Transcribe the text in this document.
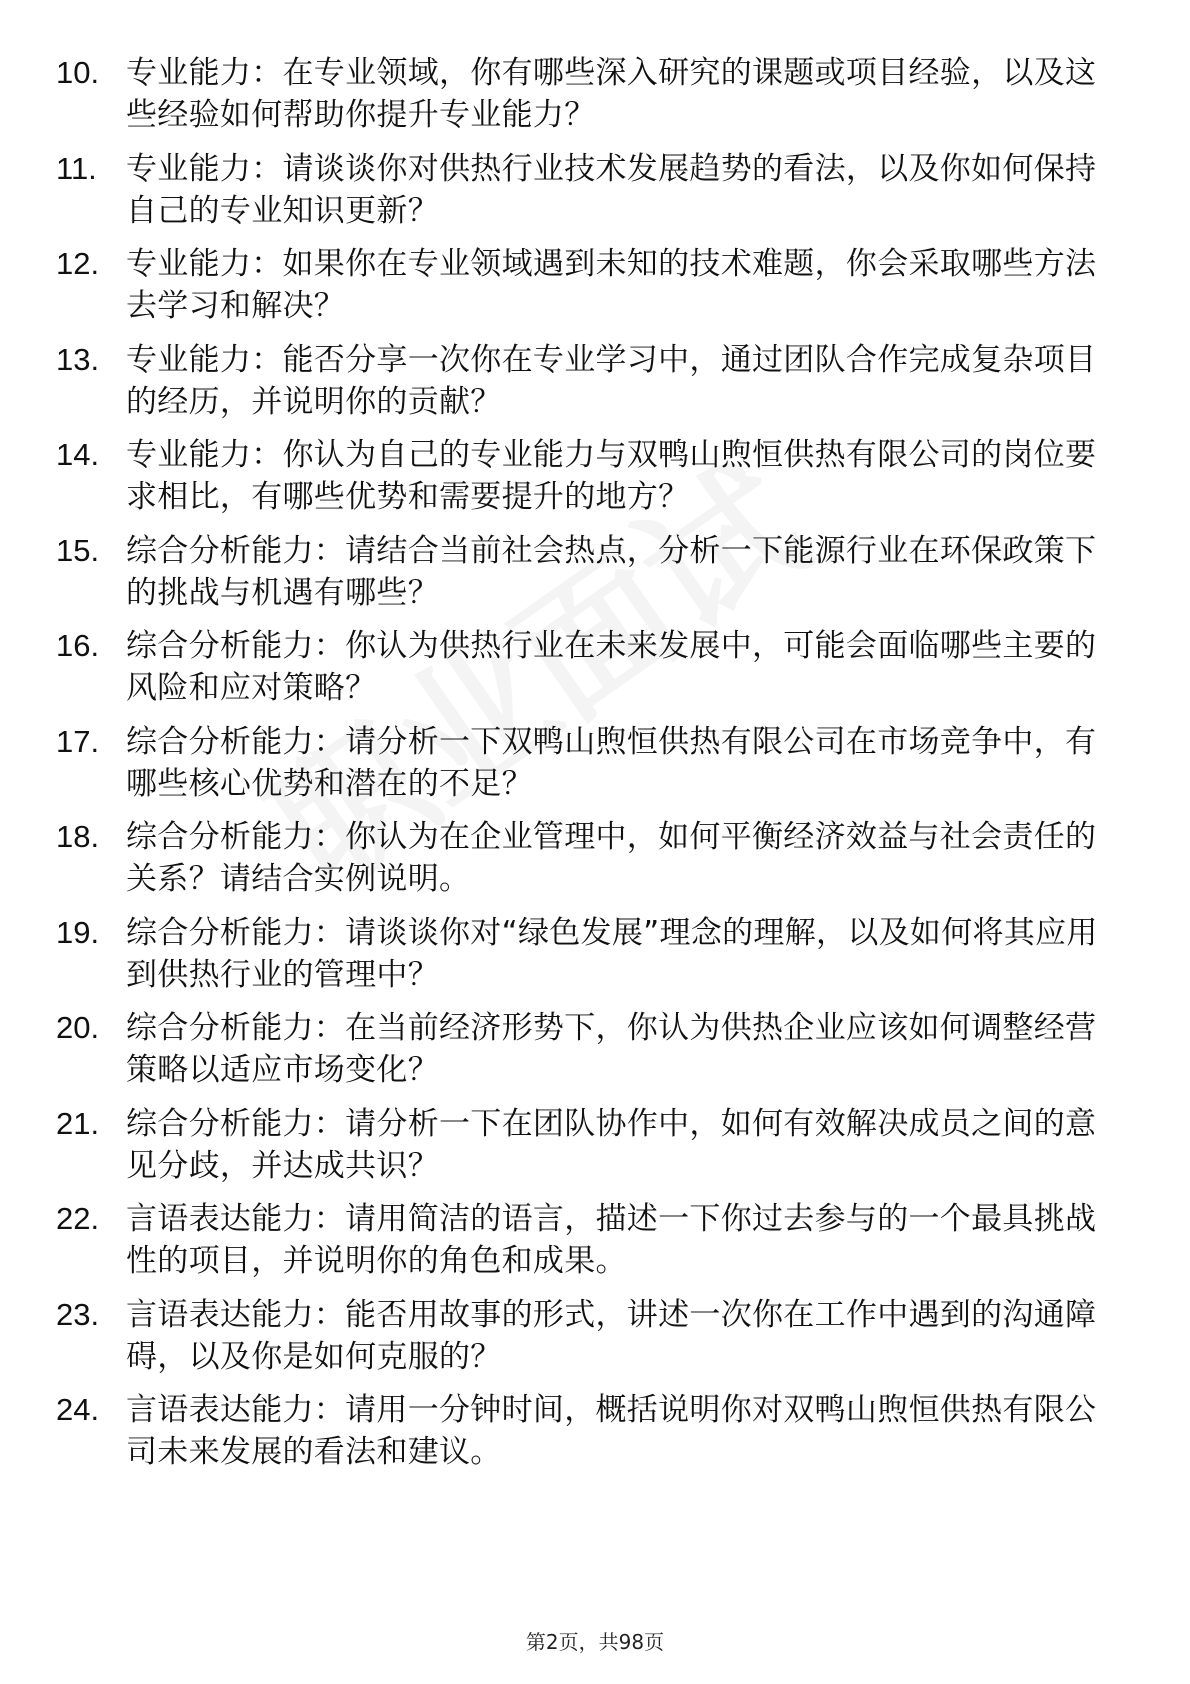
10. 专业能力：在专业领域，你有哪些深入研究的课题或项目经验，以及这些经验如何帮助你提升专业能力？
11. 专业能力：请谈谈你对供热行业技术发展趋势的看法，以及你如何保持自己的专业知识更新？
12. 专业能力：如果你在专业领域遇到未知的技术难题，你会采取哪些方法去学习和解决？
13. 专业能力：能否分享一次你在专业学习中，通过团队合作完成复杂项目的经历，并说明你的贡献？
14. 专业能力：你认为自己的专业能力与双鸭山煦恒供热有限公司的岗位要求相比，有哪些优势和需要提升的地方？
15. 综合分析能力：请结合当前社会热点，分析一下能源行业在环保政策下的挑战与机遇有哪些？
16. 综合分析能力：你认为供热行业在未来发展中，可能会面临哪些主要的风险和应对策略？
17. 综合分析能力：请分析一下双鸭山煦恒供热有限公司在市场竞争中，有哪些核心优势和潜在的不足？
18. 综合分析能力：你认为在企业管理中，如何平衡经济效益与社会责任的关系？请结合实例说明。
19. 综合分析能力：请谈谈你对“绿色发展”理念的理解，以及如何将其应用到供热行业的管理中？
20. 综合分析能力：在当前经济形势下，你认为供热企业应该如何调整经营策略以适应市场变化？
21. 综合分析能力：请分析一下在团队协作中，如何有效解决成员之间的意见分歧，并达成共识？
22. 言语表达能力：请用简洁的语言，描述一下你过去参与的一个最具挑战性的项目，并说明你的角色和成果。
23. 言语表达能力：能否用故事的形式，讲述一次你在工作中遇到的沟通障碍，以及你是如何克服的？
24. 言语表达能力：请用一分钟时间，概括说明你对双鸭山煦恒供热有限公司未来发展的看法和建议。
第2页，共98页
